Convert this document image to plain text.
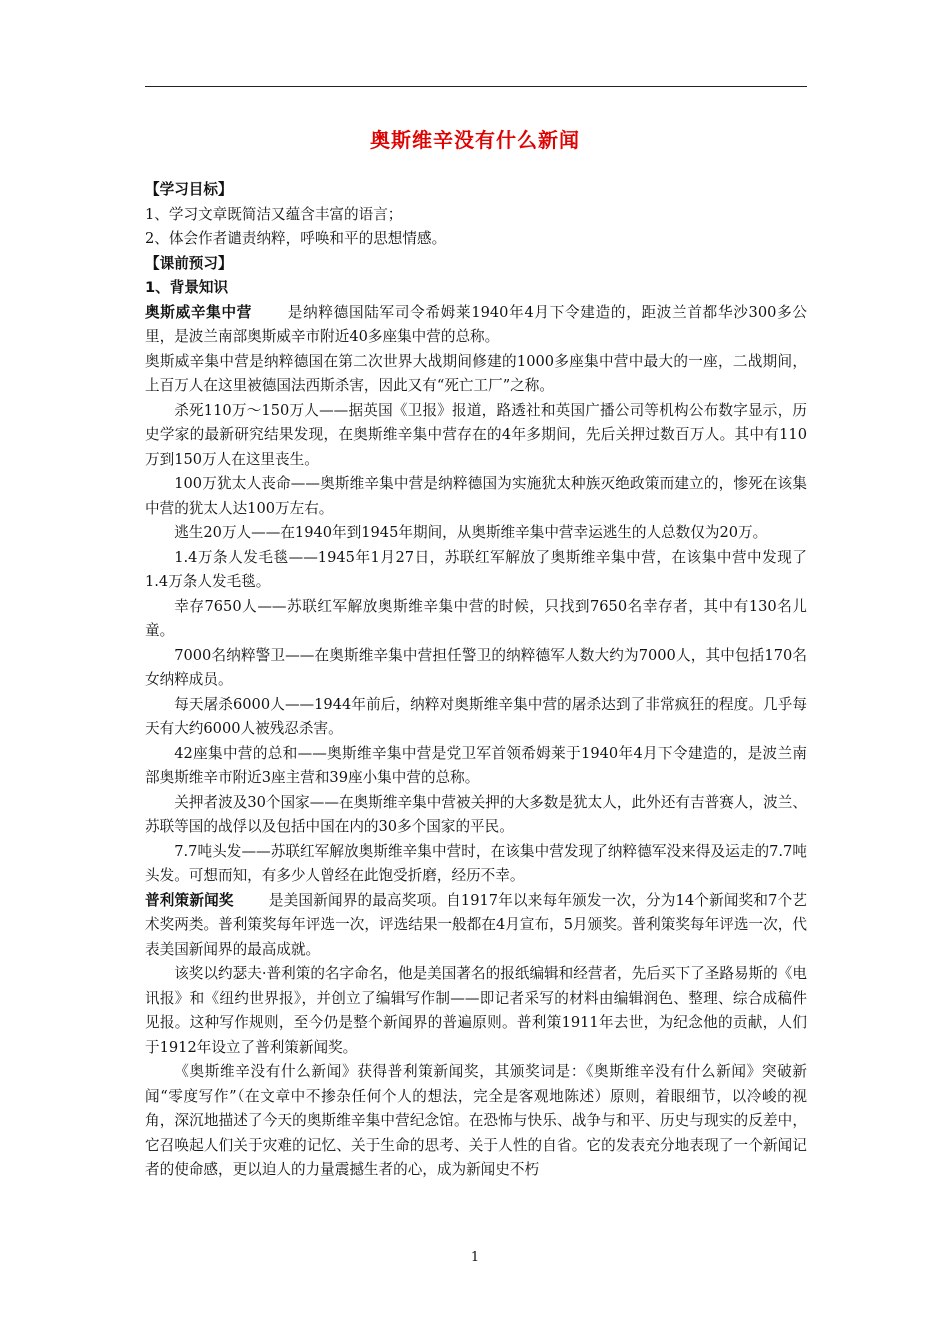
奥斯维辛没有什么新闻

【学习目标】

1、学习文章既简洁又蕴含丰富的语言；

2、体会作者谴责纳粹，呼唤和平的思想情感。

【课前预习】

1、背景知识

奥斯威辛集中营 是纳粹德国陆军司令希姆莱1940年4月下令建造的，距波兰首都华沙300多公里，是波兰南部奥斯威辛市附近40多座集中营的总称。

奥斯威辛集中营是纳粹德国在第二次世界大战期间修建的1000多座集中营中最大的一座，二战期间，上百万人在这里被德国法西斯杀害，因此又有“死亡工厂”之称。

杀死110万～150万人——据英国《卫报》报道，路透社和英国广播公司等机构公布数字显示，历史学家的最新研究结果发现，在奥斯维辛集中营存在的4年多期间，先后关押过数百万人。其中有110万到150万人在这里丧生。

100万犹太人丧命——奥斯维辛集中营是纳粹德国为实施犹太种族灭绝政策而建立的，惨死在该集中营的犹太人达100万左右。

逃生20万人——在1940年到1945年期间，从奥斯维辛集中营幸运逃生的人总数仅为20万。

1.4万条人发毛毯——1945年1月27日，苏联红军解放了奥斯维辛集中营，在该集中营中发现了1.4万条人发毛毯。

幸存7650人——苏联红军解放奥斯维辛集中营的时候，只找到7650名幸存者，其中有130名儿童。

7000名纳粹警卫——在奥斯维辛集中营担任警卫的纳粹德军人数大约为7000人，其中包括170名女纳粹成员。

每天屠杀6000人——1944年前后，纳粹对奥斯维辛集中营的屠杀达到了非常疯狂的程度。几乎每天有大约6000人被残忍杀害。

42座集中营的总和——奥斯维辛集中营是党卫军首领希姆莱于1940年4月下令建造的，是波兰南部奥斯维辛市附近3座主营和39座小集中营的总称。

关押者波及30个国家——在奥斯维辛集中营被关押的大多数是犹太人，此外还有吉普赛人，波兰、苏联等国的战俘以及包括中国在内的30多个国家的平民。

7.7吨头发——苏联红军解放奥斯维辛集中营时，在该集中营发现了纳粹德军没来得及运走的7.7吨头发。可想而知，有多少人曾经在此饱受折磨，经历不幸。

普利策新闻奖 是美国新闻界的最高奖项。自1917年以来每年颁发一次，分为14个新闻奖和7个艺术奖两类。普利策奖每年评选一次，评选结果一般都在4月宣布，5月颁奖。普利策奖每年评选一次，代表美国新闻界的最高成就。

该奖以约瑟夫·普利策的名字命名，他是美国著名的报纸编辑和经营者，先后买下了圣路易斯的《电讯报》和《纽约世界报》，并创立了编辑写作制——即记者采写的材料由编辑润色、整理、综合成稿件见报。这种写作规则，至今仍是整个新闻界的普遍原则。普利策1911年去世，为纪念他的贡献，人们于1912年设立了普利策新闻奖。

《奥斯维辛没有什么新闻》获得普利策新闻奖，其颁奖词是：《奥斯维辛没有什么新闻》突破新闻“零度写作”（在文章中不掺杂任何个人的想法，完全是客观地陈述）原则，着眼细节，以冷峻的视角，深沉地描述了今天的奥斯维辛集中营纪念馆。在恐怖与快乐、战争与和平、历史与现实的反差中，它召唤起人们关于灾难的记忆、关于生命的思考、关于人性的自省。它的发表充分地表现了一个新闻记者的使命感，更以迫人的力量震撼生者的心，成为新闻史不朽

1
